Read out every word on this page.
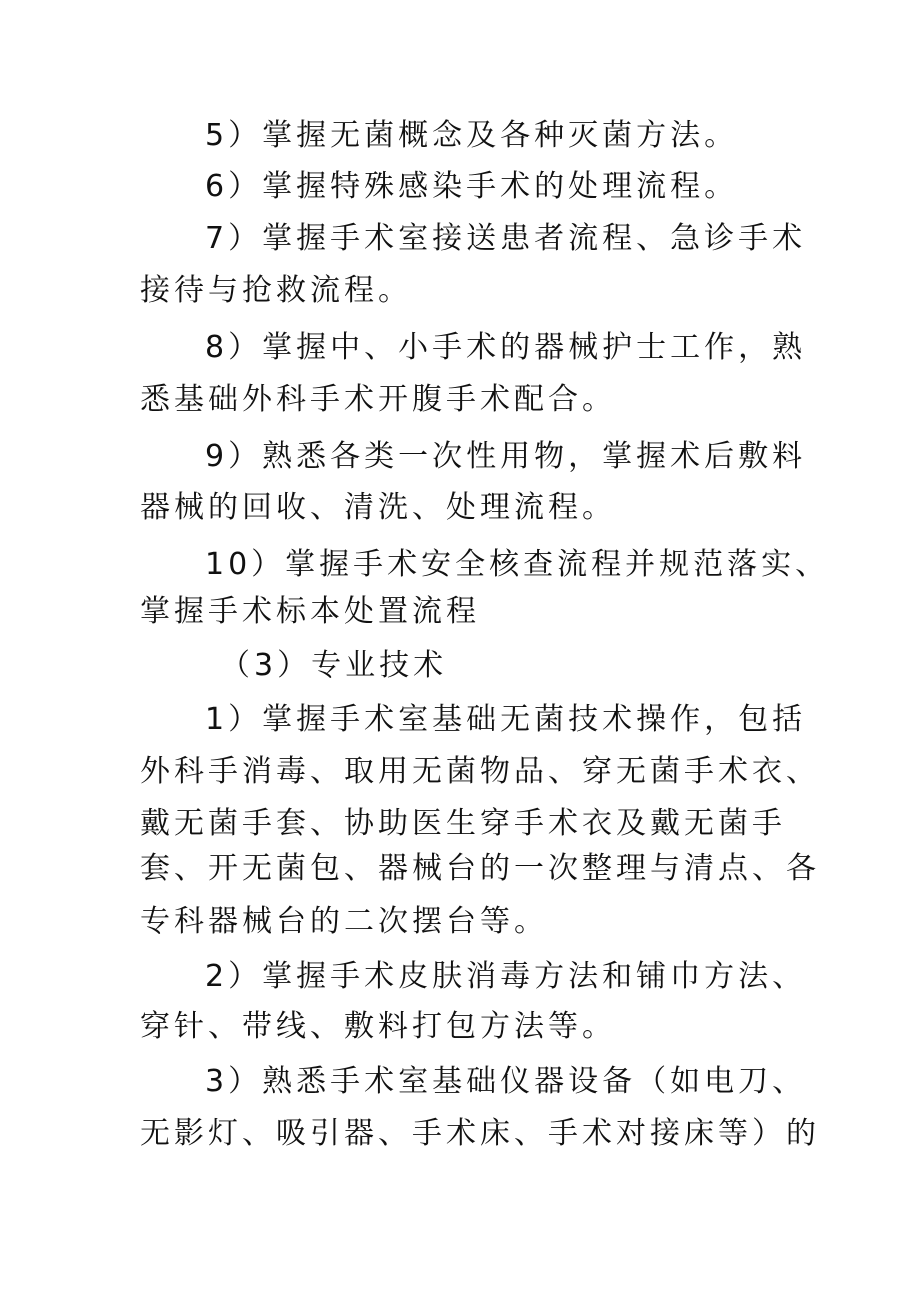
5）掌握无菌概念及各种灭菌方法。

6）掌握特殊感染手术的处理流程。

7）掌握手术室接送患者流程、急诊手术

接待与抢救流程。

8）掌握中、小手术的器械护士工作，熟

悉基础外科手术开腹手术配合。

9）熟悉各类一次性用物，掌握术后敷料

器械的回收、清洗、处理流程。

10）掌握手术安全核查流程并规范落实、

掌握手术标本处置流程

（3）专业技术

1）掌握手术室基础无菌技术操作，包括

外科手消毒、取用无菌物品、穿无菌手术衣、

戴无菌手套、协助医生穿手术衣及戴无菌手

套、开无菌包、器械台的一次整理与清点、各

专科器械台的二次摆台等。

2）掌握手术皮肤消毒方法和铺巾方法、

穿针、带线、敷料打包方法等。

3）熟悉手术室基础仪器设备（如电刀、

无影灯、吸引器、手术床、手术对接床等）的
